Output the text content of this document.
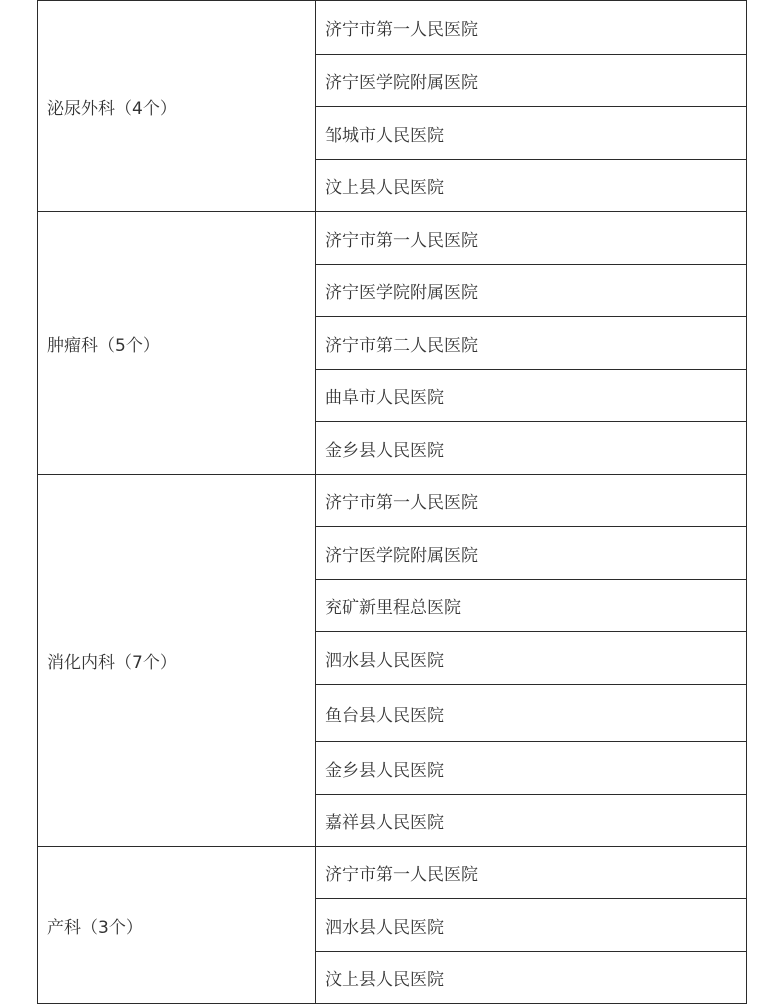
泌尿外科（4个）	济宁市第一人民医院
	济宁医学院附属医院
	邹城市人民医院
	汶上县人民医院
肿瘤科（5个）	济宁市第一人民医院
	济宁医学院附属医院
	济宁市第二人民医院
	曲阜市人民医院
	金乡县人民医院
消化内科（7个）	济宁市第一人民医院
	济宁医学院附属医院
	兖矿新里程总医院
	泗水县人民医院
	鱼台县人民医院
	金乡县人民医院
	嘉祥县人民医院
产科（3个）	济宁市第一人民医院
	泗水县人民医院
	汶上县人民医院
